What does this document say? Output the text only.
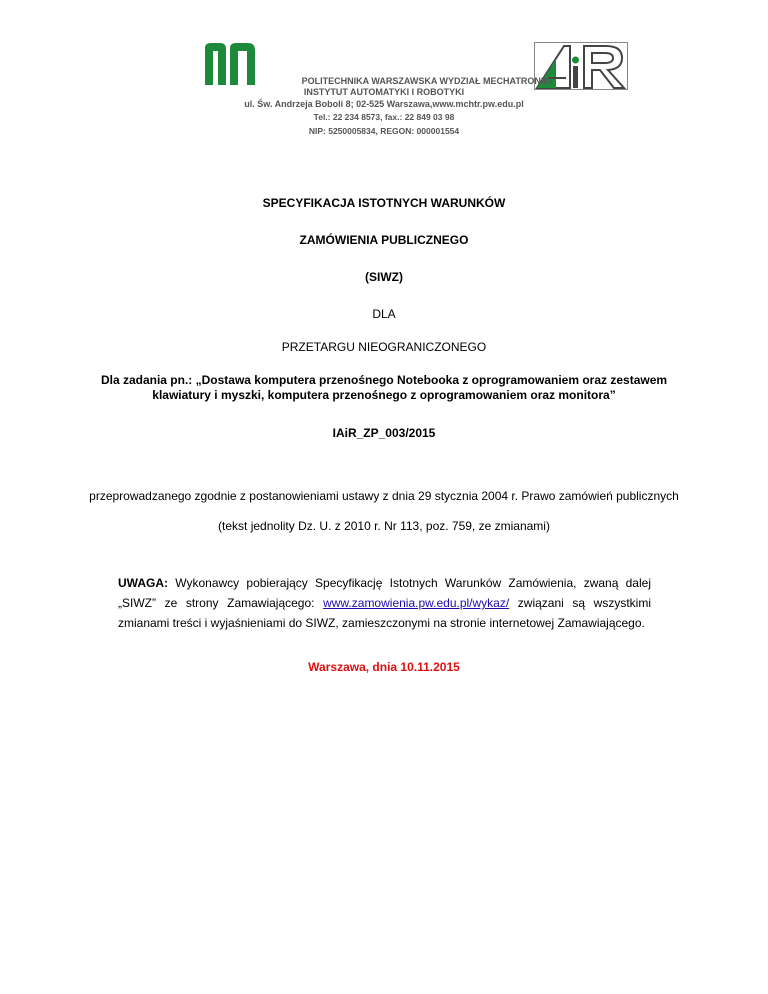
POLITECHNIKA WARSZAWSKA WYDZIAŁ MECHATRONIKI
INSTYTUT AUTOMATYKI I ROBOTYKI
ul. Św. Andrzeja Boboli 8; 02-525 Warszawa,www.mchtr.pw.edu.pl
Tel.: 22 234 8573, fax.: 22 849 03 98
NIP: 5250005834, REGON: 000001554
SPECYFIKACJA ISTOTNYCH WARUNKÓW
ZAMÓWIENIA PUBLICZNEGO
(SIWZ)
DLA
PRZETARGU NIEOGRANICZONEGO
Dla zadania pn.: „Dostawa komputera przenośnego Notebooka z oprogramowaniem oraz zestawem klawiatury i myszki, komputera przenośnego z oprogramowaniem oraz monitora”
IAiR_ZP_003/2015
przeprowadzanego zgodnie z postanowieniami ustawy z dnia 29 stycznia 2004 r. Prawo zamówień publicznych (tekst jednolity Dz. U. z 2010 r. Nr 113, poz. 759, ze zmianami)
UWAGA: Wykonawcy pobierający Specyfikację Istotnych Warunków Zamówienia, zwaną dalej „SIWZ” ze strony Zamawiającego: www.zamowienia.pw.edu.pl/wykaz/ związani są wszystkimi zmianami treści i wyjaśnieniami do SIWZ, zamieszczonymi na stronie internetowej Zamawiającego.
Warszawa, dnia 10.11.2015
